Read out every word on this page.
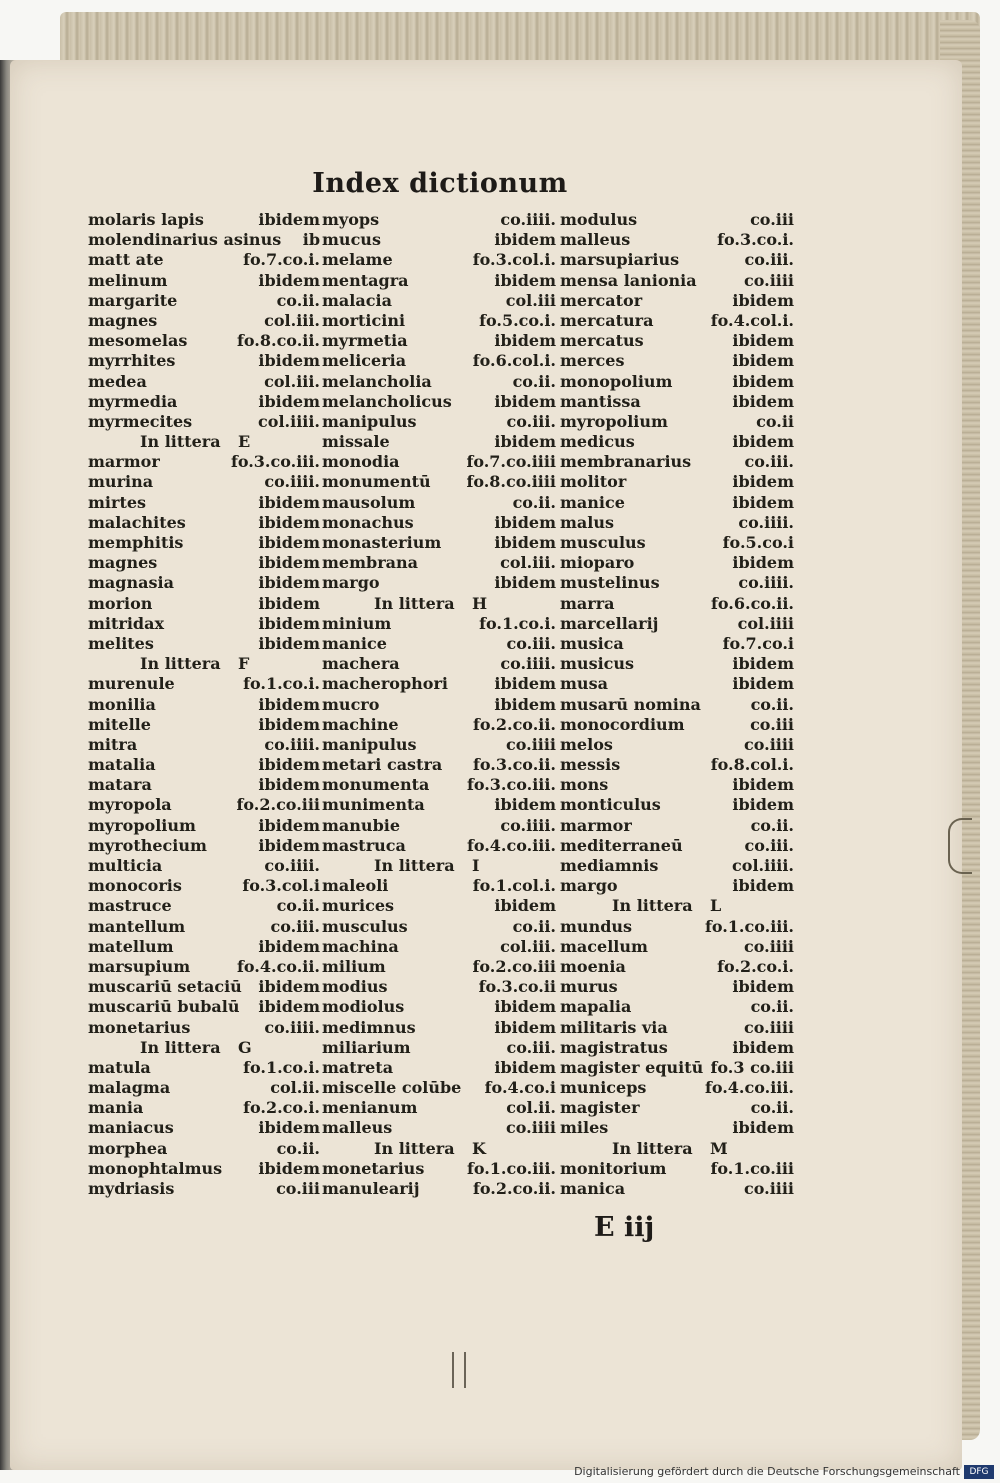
Index dictionum
molaris lapis	ibidem
molendinarius asinus ib
matt ate	fo.7.co.i.
melinum	ibidem
margarite	co.ii.
magnes	col.iii.
mesomelas	fo.8.co.ii.
myrrhites	ibidem
medea	col.iii.
myrmedia	ibidem
myrmecites	col.iiii.
In littera E
marmor	fo.3.co.iii.
murina	co.iiii.
mirtes	ibidem
malachites	ibidem
memphitis	ibidem
magnes	ibidem
magnasia	ibidem
morion	ibidem
mitridax	ibidem
melites	ibidem
In littera F
murenule	fo.1.co.i.
monilia	ibidem
mitelle	ibidem
mitra	co.iiii.
matalia	ibidem
matara	ibidem
myropola	fo.2.co.iii
myropolium	ibidem
myrothecium	ibidem
multicia	co.iiii.
monocoris	fo.3.col.i
mastruce	co.ii.
mantellum	co.iii.
matellum	ibidem
marsupium	fo.4.co.ii.
muscariū setaciū ibidem
muscariū bubalū ibidem
monetarius	co.iiii.
In littera G
matula	fo.1.co.i.
malagma	col.ii.
mania	fo.2.co.i.
maniacus	ibidem
morphea	co.ii.
monophtalmus ibidem
mydriasis	co.iii
myops	co.iiii.
mucus	ibidem
melame	fo.3.col.i.
mentagra	ibidem
malacia	col.iii
morticini	fo.5.co.i.
myrmetia	ibidem
meliceria	fo.6.col.i.
melancholia	co.ii.
melancholicus	ibidem
manipulus	co.iii.
missale	ibidem
monodia	fo.7.co.iiii
monumentū fo.8.co.iiii
mausolum	co.ii.
monachus	ibidem
monasterium	ibidem
membrana	col.iii.
margo	ibidem
In littera H
minium	fo.1.co.i.
manice	co.iii.
machera	co.iiii.
macherophori	ibidem
mucro	ibidem
machine	fo.2.co.ii.
manipulus	co.iiii
metari castra fo.3.co.ii.
monumenta fo.3.co.iii.
munimenta	ibidem
manubie	co.iiii.
mastruca	fo.4.co.iii.
In littera I
maleoli	fo.1.col.i.
murices	ibidem
musculus	co.ii.
machina	col.iii.
milium	fo.2.co.iii
modius	fo.3.co.ii
modiolus	ibidem
medimnus	ibidem
miliarium	co.iii.
matreta	ibidem
miscelle colūbe fo.4.co.i
menianum	col.ii.
malleus	co.iiii
In littera K
monetarius	fo.1.co.iii.
manulearij	fo.2.co.ii.
modulus	co.iii
malleus	fo.3.co.i.
marsupiarius	co.iii.
mensa lanionia	co.iiii
mercator	ibidem
mercatura	fo.4.col.i.
mercatus	ibidem
merces	ibidem
monopolium	ibidem
mantissa	ibidem
myropolium	co.ii
medicus	ibidem
membranarius	co.iii.
molitor	ibidem
manice	ibidem
malus	co.iiii.
musculus	fo.5.co.i
mioparo	ibidem
mustelinus	co.iiii.
marra	fo.6.co.ii.
marcellarij	col.iiii
musica	fo.7.co.i
musicus	ibidem
musa	ibidem
musarū nomina	co.ii.
monocordium	co.iii
melos	co.iiii
messis	fo.8.col.i.
mons	ibidem
monticulus	ibidem
marmor	co.ii.
mediterraneū	co.iii.
mediamnis	col.iiii.
margo	ibidem
In littera L
mundus	fo.1.co.iii.
macellum	co.iiii
moenia	fo.2.co.i.
murus	ibidem
mapalia	co.ii.
militaris via	co.iiii
magistratus	ibidem
magister equitū fo.3 co.iii
municeps	fo.4.co.iii.
magister	co.ii.
miles	ibidem
In littera M
monitorium	fo.1.co.iii
manica	co.iiii
E iij
Digitalisierung gefördert durch die Deutsche Forschungsgemeinschaft	DFG
